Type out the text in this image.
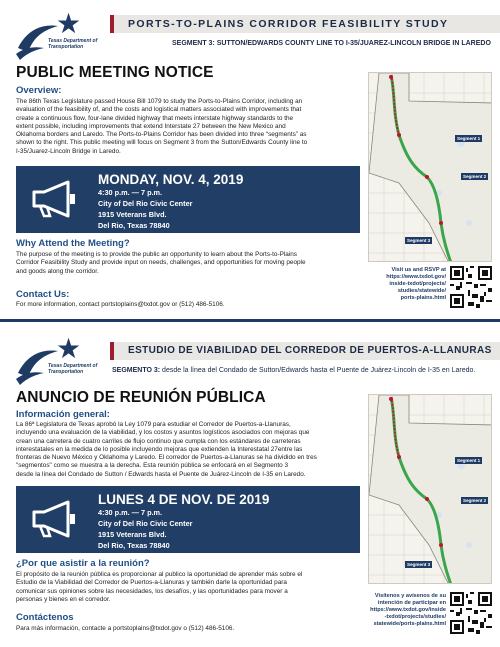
★
Texas Department of Transportation
PORTS-TO-PLAINS CORRIDOR FEASIBILITY STUDY
SEGMENT 3: SUTTON/EDWARDS COUNTY LINE TO I-35/JUAREZ-LINCOLN BRIDGE IN LAREDO
PUBLIC MEETING NOTICE
Overview:
The 86th Texas Legislature passed House Bill 1079 to study the Ports-to-Plains Corridor, including an
evaluation of the feasibility of, and the costs and logistical matters associated with improvements that
create a continuous flow, four-lane divided highway that meets interstate highway standards to the
extent possible, including improvements that extend Interstate 27 between the New Mexico and
Oklahoma borders and Laredo. The Ports-to-Plains Corridor has been divided into three “segments” as
shown to the right. This public meeting will focus on Segment 3 from the Sutton/Edwards County line to
I-35/Juarez-Lincoln Bridge in Laredo.
MONDAY, NOV. 4, 2019
4:30 p.m. — 7 p.m.
City of Del Rio Civic Center
1915 Veterans Blvd.
Del Rio, Texas 78840
Why Attend the Meeting?
The purpose of the meeting is to provide the public an opportunity to learn about the Ports-to-Plains
Corridor Feasibility Study and provide input on needs, challenges, and opportunities for moving people
and goods along the corridor.
Contact Us:
For more information, contact portstoplains@txdot.gov or (512) 486-5106.
Segment 1
Segment 2
Segment 3
Visit us and RSVP at
https://www.txdot.gov/
inside-txdot/projects/
studies/statewide/
ports-plains.html
★
Texas Department of Transportation
ESTUDIO DE VIABILIDAD DEL CORREDOR DE PUERTOS-A-LLANURAS
SEGMENTO 3: desde la línea del Condado de Sutton/Edwards hasta el Puente de Juárez-Lincoln de I-35 en Laredo.
ANUNCIO DE REUNIÓN PÚBLICA
Información general:
La 86ª Legislatura de Texas aprobó la Ley 1079 para estudiar el Corredor de Puertos-a-Llanuras,
incluyendo una evaluación de la viabilidad, y los costos y asuntos logísticos asociados con mejoras que
crean una carretera de cuatro carriles de flujo continuo que cumpla con los estándares de carreteras
interestatales en la medida de lo posible incluyendo mejoras que extienden la Interestatal 27entre las
fronteras de Nuevo México y Oklahoma y Laredo. El corredor de Puertos-a-Llanuras se ha dividido en tres
"segmentos" como se muestra a la derecha. Esta reunión pública se enfocará en el Segmento 3
desde la línea del Condado de Sutton / Edwards hasta el Puente de Juárez-Lincoln de I-35 en Laredo.
LUNES 4 DE NOV. DE 2019
4:30 p.m. — 7 p.m.
City of Del Rio Civic Center
1915 Veterans Blvd.
Del Rio, Texas 78840
¿Por que asistir a la reunión?
El propósito de la reunión pública es proporcionar al publico la oportunidad de aprender más sobre el
Estudio de la Viabilidad del Corredor de Puertos-a-Llanuras y también darle la oportunidad para
comunicar sus opiniones sobre las necesidades, los desafíos, y las oportunidades para mover a
personas y bienes en el corredor.
Contáctenos
Para más información, contacte a portstoplains@txdot.gov o (512) 486-5106.
Segment 1
Segment 2
Segment 3
Visítenos y avísenos de su
intención de participar en
https://www.txdot.gov/inside
-txdot/projects/studies/
statewide/ports-plains.html
